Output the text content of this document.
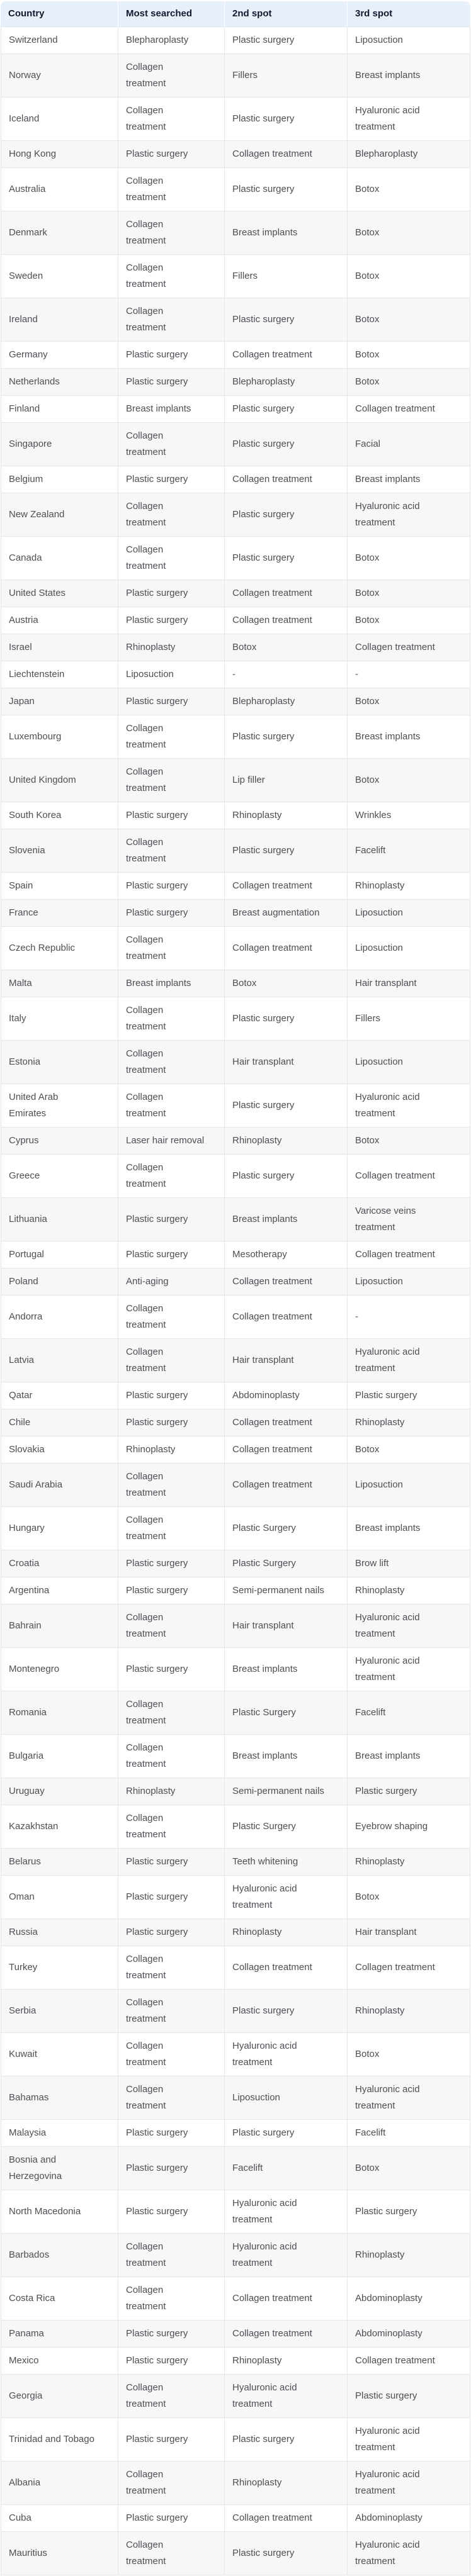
Country	Most searched	2nd spot	3rd spot

Switzerland	Blepharoplasty	Plastic surgery	Liposuction

Norway	Collagen treatment	Fillers	Breast implants

Iceland	Collagen treatment	Plastic surgery	Hyaluronic acid treatment

Hong Kong	Plastic surgery	Collagen treatment	Blepharoplasty

Australia	Collagen treatment	Plastic surgery	Botox

Denmark	Collagen treatment	Breast implants	Botox

Sweden	Collagen treatment	Fillers	Botox

Ireland	Collagen treatment	Plastic surgery	Botox

Germany	Plastic surgery	Collagen treatment	Botox

Netherlands	Plastic surgery	Blepharoplasty	Botox

Finland	Breast implants	Plastic surgery	Collagen treatment

Singapore	Collagen treatment	Plastic surgery	Facial

Belgium	Plastic surgery	Collagen treatment	Breast implants

New Zealand	Collagen treatment	Plastic surgery	Hyaluronic acid treatment

Canada	Collagen treatment	Plastic surgery	Botox

United States	Plastic surgery	Collagen treatment	Botox

Austria	Plastic surgery	Collagen treatment	Botox

Israel	Rhinoplasty	Botox	Collagen treatment

Liechtenstein	Liposuction	-	-

Japan	Plastic surgery	Blepharoplasty	Botox

Luxembourg	Collagen treatment	Plastic surgery	Breast implants

United Kingdom	Collagen treatment	Lip filler	Botox

South Korea	Plastic surgery	Rhinoplasty	Wrinkles

Slovenia	Collagen treatment	Plastic surgery	Facelift

Spain	Plastic surgery	Collagen treatment	Rhinoplasty

France	Plastic surgery	Breast augmentation	Liposuction

Czech Republic	Collagen treatment	Collagen treatment	Liposuction

Malta	Breast implants	Botox	Hair transplant

Italy	Collagen treatment	Plastic surgery	Fillers

Estonia	Collagen treatment	Hair transplant	Liposuction

United Arab Emirates	Collagen treatment	Plastic surgery	Hyaluronic acid treatment

Cyprus	Laser hair removal	Rhinoplasty	Botox

Greece	Collagen treatment	Plastic surgery	Collagen treatment

Lithuania	Plastic surgery	Breast implants	Varicose veins treatment

Portugal	Plastic surgery	Mesotherapy	Collagen treatment

Poland	Anti-aging	Collagen treatment	Liposuction

Andorra	Collagen treatment	Collagen treatment	-

Latvia	Collagen treatment	Hair transplant	Hyaluronic acid treatment

Qatar	Plastic surgery	Abdominoplasty	Plastic surgery

Chile	Plastic surgery	Collagen treatment	Rhinoplasty

Slovakia	Rhinoplasty	Collagen treatment	Botox

Saudi Arabia	Collagen treatment	Collagen treatment	Liposuction

Hungary	Collagen treatment	Plastic Surgery	Breast implants

Croatia	Plastic surgery	Plastic Surgery	Brow lift

Argentina	Plastic surgery	Semi-permanent nails	Rhinoplasty

Bahrain	Collagen treatment	Hair transplant	Hyaluronic acid treatment

Montenegro	Plastic surgery	Breast implants	Hyaluronic acid treatment

Romania	Collagen treatment	Plastic Surgery	Facelift

Bulgaria	Collagen treatment	Breast implants	Breast implants

Uruguay	Rhinoplasty	Semi-permanent nails	Plastic surgery

Kazakhstan	Collagen treatment	Plastic Surgery	Eyebrow shaping

Belarus	Plastic surgery	Teeth whitening	Rhinoplasty

Oman	Plastic surgery	Hyaluronic acid treatment	Botox

Russia	Plastic surgery	Rhinoplasty	Hair transplant

Turkey	Collagen treatment	Collagen treatment	Collagen treatment

Serbia	Collagen treatment	Plastic surgery	Rhinoplasty

Kuwait	Collagen treatment	Hyaluronic acid treatment	Botox

Bahamas	Collagen treatment	Liposuction	Hyaluronic acid treatment

Malaysia	Plastic surgery	Plastic surgery	Facelift

Bosnia and Herzegovina	Plastic surgery	Facelift	Botox

North Macedonia	Plastic surgery	Hyaluronic acid treatment	Plastic surgery

Barbados	Collagen treatment	Hyaluronic acid treatment	Rhinoplasty

Costa Rica	Collagen treatment	Collagen treatment	Abdominoplasty

Panama	Plastic surgery	Collagen treatment	Abdominoplasty

Mexico	Plastic surgery	Rhinoplasty	Collagen treatment

Georgia	Collagen treatment	Hyaluronic acid treatment	Plastic surgery

Trinidad and Tobago	Plastic surgery	Plastic surgery	Hyaluronic acid treatment

Albania	Collagen treatment	Rhinoplasty	Hyaluronic acid treatment

Cuba	Plastic surgery	Collagen treatment	Abdominoplasty

Mauritius	Collagen treatment	Plastic surgery	Hyaluronic acid treatment
